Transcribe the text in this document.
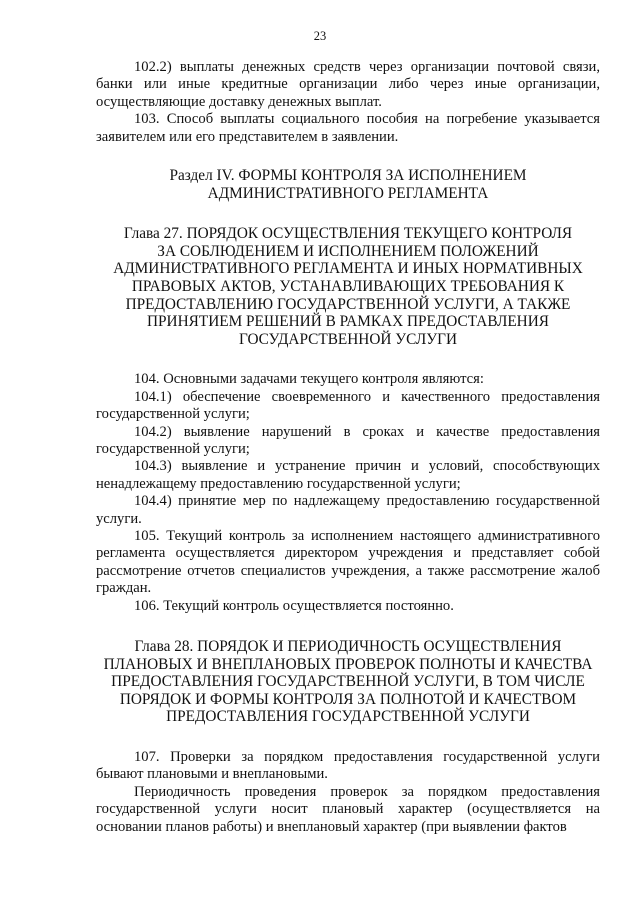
23

102.2) выплаты денежных средств через организации почтовой связи, банки или иные кредитные организации либо через иные организации, осуществляющие доставку денежных выплат.

103. Способ выплаты социального пособия на погребение указывается заявителем или его представителем в заявлении.

Раздел IV. ФОРМЫ КОНТРОЛЯ ЗА ИСПОЛНЕНИЕМ
АДМИНИСТРАТИВНОГО РЕГЛАМЕНТА
Глава 27. ПОРЯДОК ОСУЩЕСТВЛЕНИЯ ТЕКУЩЕГО КОНТРОЛЯ
ЗА СОБЛЮДЕНИЕМ И ИСПОЛНЕНИЕМ ПОЛОЖЕНИЙ
АДМИНИСТРАТИВНОГО РЕГЛАМЕНТА И ИНЫХ НОРМАТИВНЫХ
ПРАВОВЫХ АКТОВ, УСТАНАВЛИВАЮЩИХ ТРЕБОВАНИЯ К
ПРЕДОСТАВЛЕНИЮ ГОСУДАРСТВЕННОЙ УСЛУГИ, А ТАКЖЕ
ПРИНЯТИЕМ РЕШЕНИЙ В РАМКАХ ПРЕДОСТАВЛЕНИЯ
ГОСУДАРСТВЕННОЙ УСЛУГИ

104. Основными задачами текущего контроля являются:

104.1) обеспечение своевременного и качественного предоставления государственной услуги;

104.2) выявление нарушений в сроках и качестве предоставления государственной услуги;

104.3) выявление и устранение причин и условий, способствующих ненадлежащему предоставлению государственной услуги;

104.4) принятие мер по надлежащему предоставлению государственной услуги.

105. Текущий контроль за исполнением настоящего административного регламента осуществляется директором учреждения и представляет собой рассмотрение отчетов специалистов учреждения, а также рассмотрение жалоб граждан.

106. Текущий контроль осуществляется постоянно.

Глава 28. ПОРЯДОК И ПЕРИОДИЧНОСТЬ ОСУЩЕСТВЛЕНИЯ
ПЛАНОВЫХ И ВНЕПЛАНОВЫХ ПРОВЕРОК ПОЛНОТЫ И КАЧЕСТВА
ПРЕДОСТАВЛЕНИЯ ГОСУДАРСТВЕННОЙ УСЛУГИ, В ТОМ ЧИСЛЕ
ПОРЯДОК И ФОРМЫ КОНТРОЛЯ ЗА ПОЛНОТОЙ И КАЧЕСТВОМ
ПРЕДОСТАВЛЕНИЯ ГОСУДАРСТВЕННОЙ УСЛУГИ

107. Проверки за порядком предоставления государственной услуги бывают плановыми и внеплановыми.

Периодичность проведения проверок за порядком предоставления государственной услуги носит плановый характер (осуществляется на основании планов работы) и внеплановый характер (при выявлении фактов
